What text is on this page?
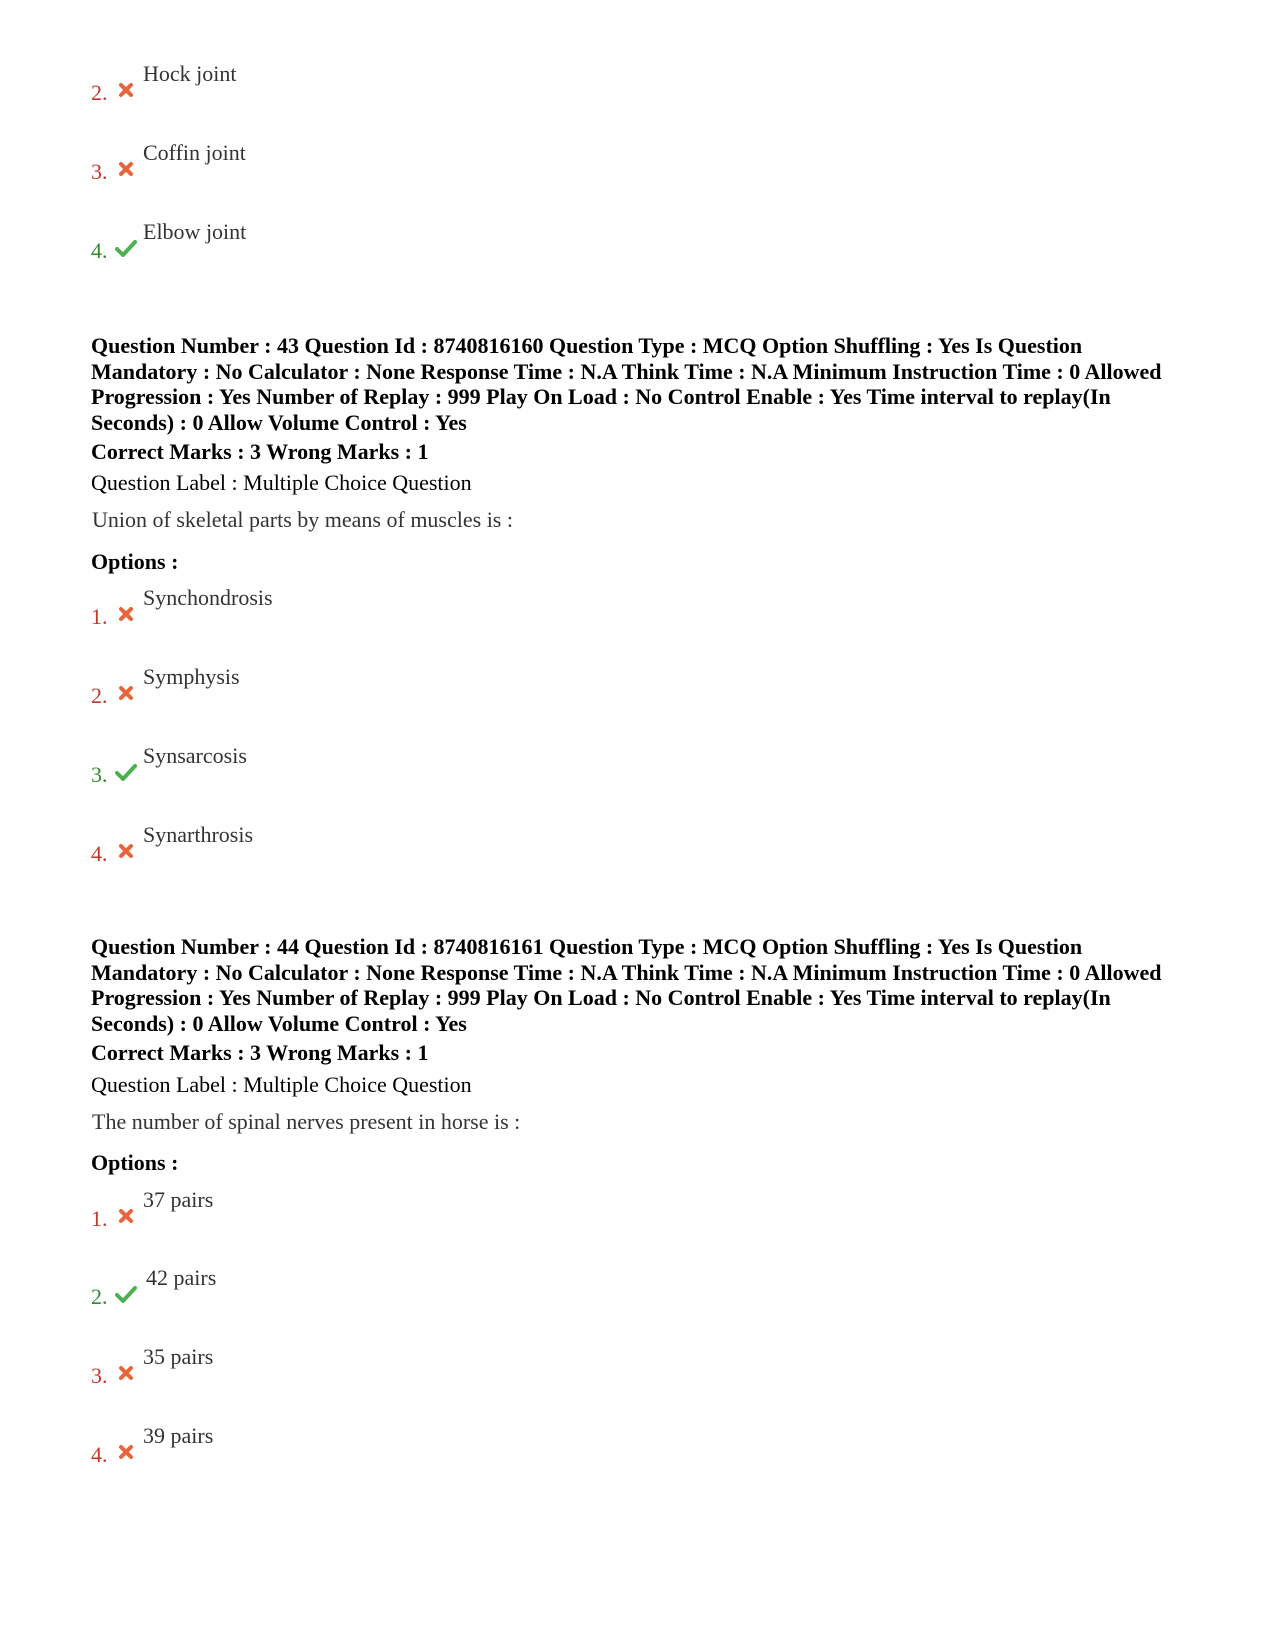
2.
Hock joint
3.
Coffin joint
4.
Elbow joint
Question Number : 43 Question Id : 8740816160 Question Type : MCQ Option Shuffling : Yes Is Question Mandatory : No Calculator : None Response Time : N.A Think Time : N.A Minimum Instruction Time : 0 Allowed Progression : Yes Number of Replay : 999 Play On Load : No Control Enable : Yes Time interval to replay(In Seconds) : 0 Allow Volume Control : Yes
Correct Marks : 3 Wrong Marks : 1
Question Label : Multiple Choice Question
Union of skeletal parts by means of muscles is :
Options :
1.
Synchondrosis
2.
Symphysis
3.
Synsarcosis
4.
Synarthrosis
Question Number : 44 Question Id : 8740816161 Question Type : MCQ Option Shuffling : Yes Is Question Mandatory : No Calculator : None Response Time : N.A Think Time : N.A Minimum Instruction Time : 0 Allowed Progression : Yes Number of Replay : 999 Play On Load : No Control Enable : Yes Time interval to replay(In Seconds) : 0 Allow Volume Control : Yes
Correct Marks : 3 Wrong Marks : 1
Question Label : Multiple Choice Question
The number of spinal nerves present in horse is :
Options :
1.
37 pairs
2.
42 pairs
3.
35 pairs
4.
39 pairs
